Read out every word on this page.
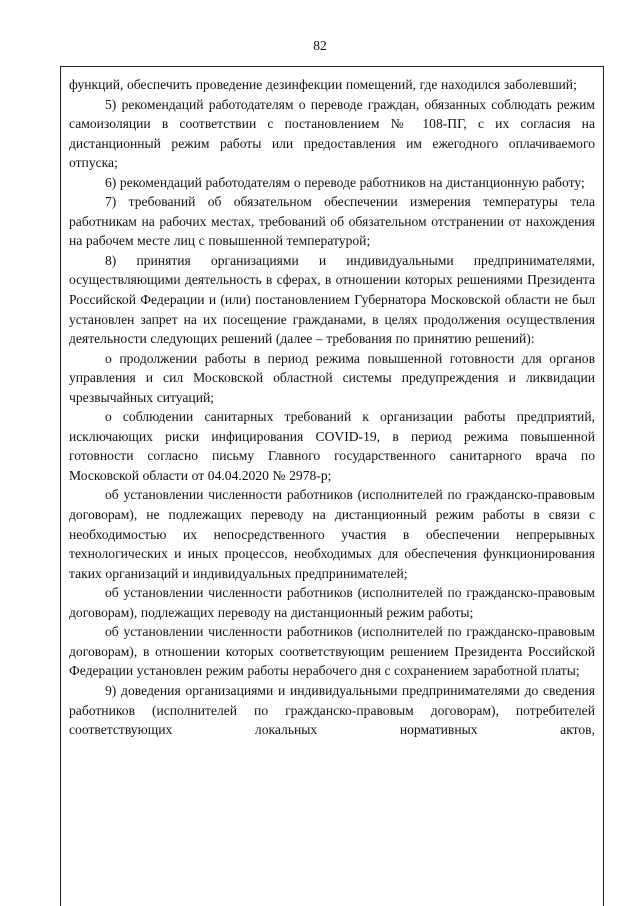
82

функций, обеспечить проведение дезинфекции помещений, где находился заболевший;

5) рекомендаций работодателям о переводе граждан, обязанных соблюдать режим самоизоляции в соответствии с постановлением № 108-ПГ, с их согласия на дистанционный режим работы или предоставления им ежегодного оплачиваемого отпуска;

6) рекомендаций работодателям о переводе работников на дистанционную работу;

7) требований об обязательном обеспечении измерения температуры тела работникам на рабочих местах, требований об обязательном отстранении от нахождения на рабочем месте лиц с повышенной температурой;

8) принятия организациями и индивидуальными предпринимателями, осуществляющими деятельность в сферах, в отношении которых решениями Президента Российской Федерации и (или) постановлением Губернатора Московской области не был установлен запрет на их посещение гражданами, в целях продолжения осуществления деятельности следующих решений (далее – требования по принятию решений):

о продолжении работы в период режима повышенной готовности для органов управления и сил Московской областной системы предупреждения и ликвидации чрезвычайных ситуаций;

о соблюдении санитарных требований к организации работы предприятий, исключающих риски инфицирования COVID-19, в период режима повышенной готовности согласно письму Главного государственного санитарного врача по Московской области от 04.04.2020 № 2978-р;

об установлении численности работников (исполнителей по гражданско-правовым договорам), не подлежащих переводу на дистанционный режим работы в связи с необходимостью их непосредственного участия в обеспечении непрерывных технологических и иных процессов, необходимых для обеспечения функционирования таких организаций и индивидуальных предпринимателей;

об установлении численности работников (исполнителей по гражданско-правовым договорам), подлежащих переводу на дистанционный режим работы;

об установлении численности работников (исполнителей по гражданско-правовым договорам), в отношении которых соответствующим решением Президента Российской Федерации установлен режим работы нерабочего дня с сохранением заработной платы;

9) доведения организациями и индивидуальными предпринимателями до сведения работников (исполнителей по гражданско-правовым договорам), потребителей соответствующих локальных нормативных актов,
